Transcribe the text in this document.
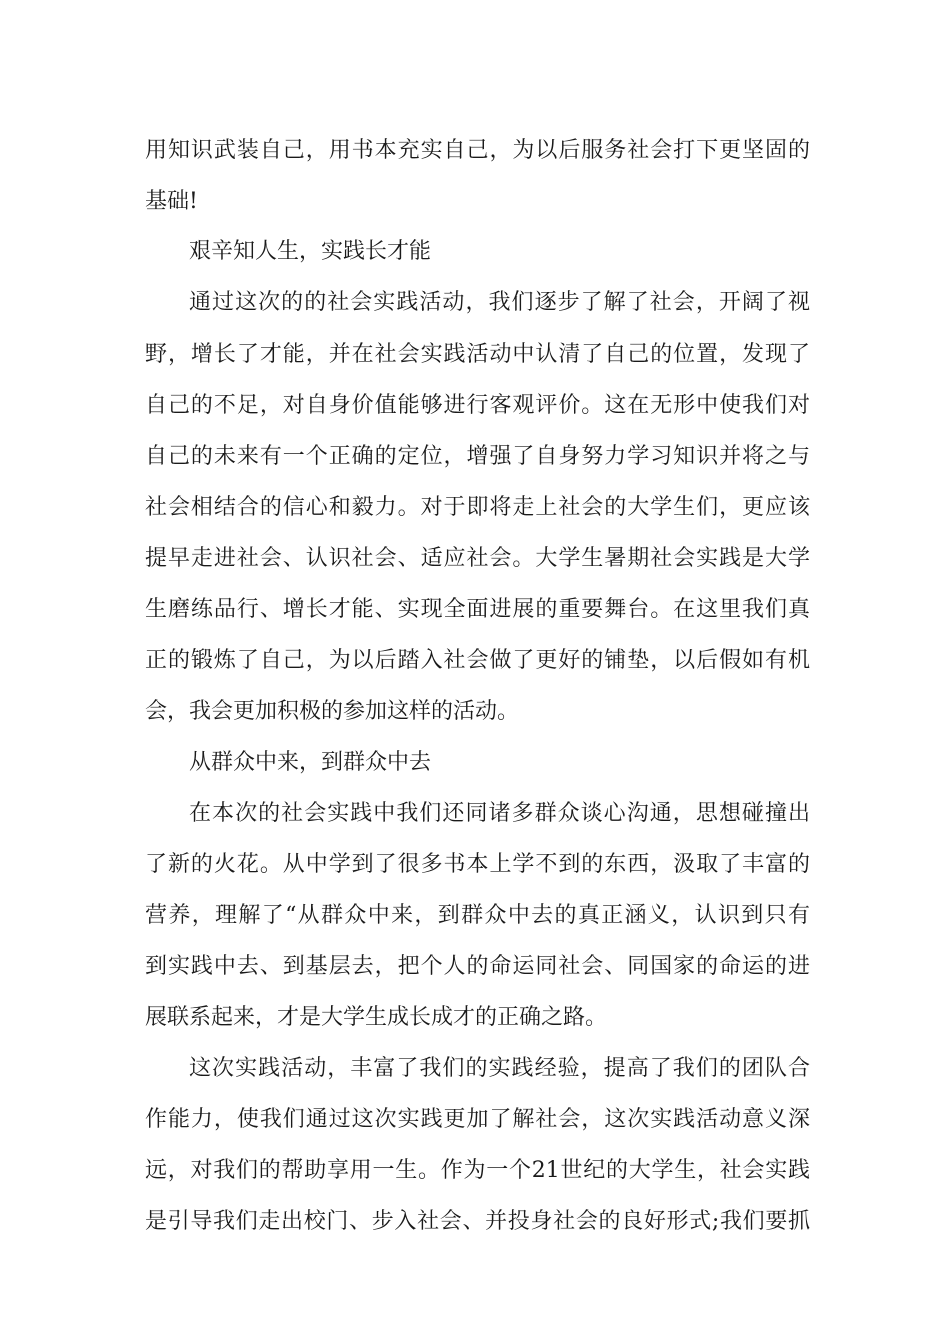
用知识武装自己，用书本充实自己，为以后服务社会打下更坚固的
基础!
艰辛知人生，实践长才能
通过这次的的社会实践活动，我们逐步了解了社会，开阔了视
野，增长了才能，并在社会实践活动中认清了自己的位置，发现了
自己的不足，对自身价值能够进行客观评价。这在无形中使我们对
自己的未来有一个正确的定位，增强了自身努力学习知识并将之与
社会相结合的信心和毅力。对于即将走上社会的大学生们，更应该
提早走进社会、认识社会、适应社会。大学生暑期社会实践是大学
生磨练品行、增长才能、实现全面进展的重要舞台。在这里我们真
正的锻炼了自己，为以后踏入社会做了更好的铺垫，以后假如有机
会，我会更加积极的参加这样的活动。
从群众中来，到群众中去
在本次的社会实践中我们还同诸多群众谈心沟通，思想碰撞出
了新的火花。从中学到了很多书本上学不到的东西，汲取了丰富的
营养，理解了“从群众中来，到群众中去的真正涵义，认识到只有
到实践中去、到基层去，把个人的命运同社会、同国家的命运的进
展联系起来，才是大学生成长成才的正确之路。
这次实践活动，丰富了我们的实践经验，提高了我们的团队合
作能力，使我们通过这次实践更加了解社会，这次实践活动意义深
远，对我们的帮助享用一生。作为一个21世纪的大学生，社会实践
是引导我们走出校门、步入社会、并投身社会的良好形式;我们要抓
